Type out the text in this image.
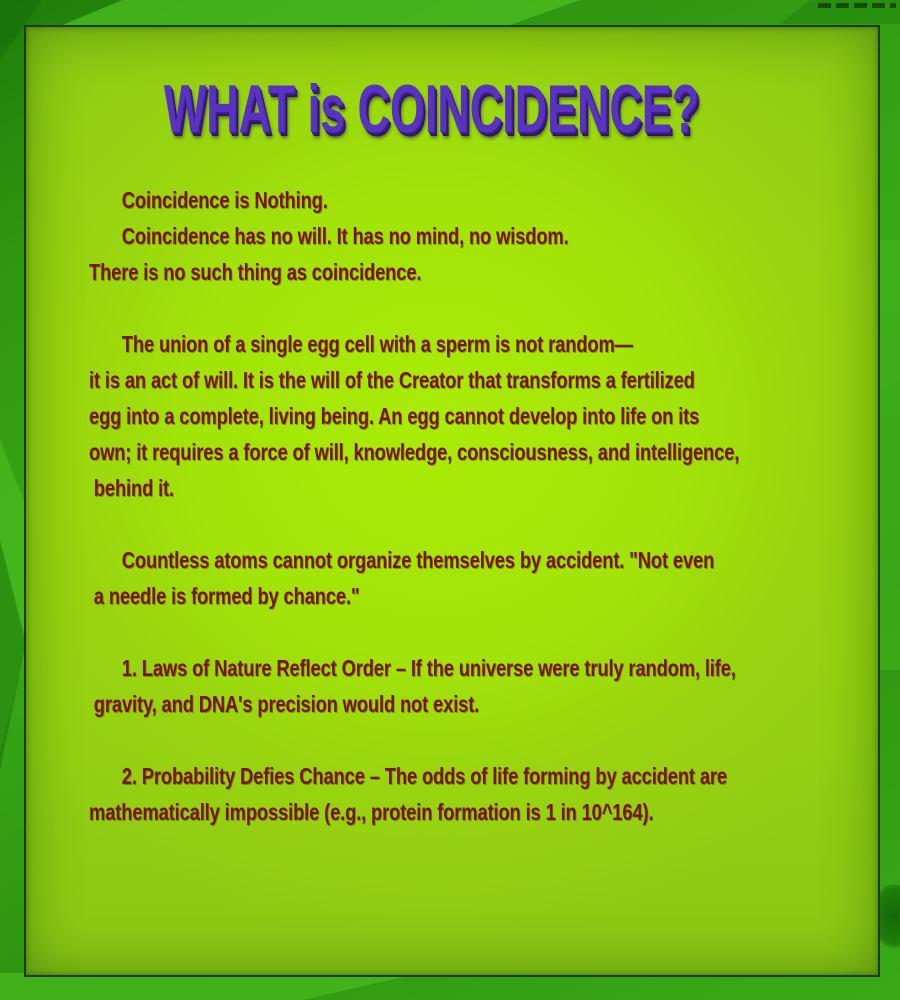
WHAT is COINCIDENCE?
Coincidence is Nothing.
Coincidence has no will. It has no mind, no wisdom.
There is no such thing as coincidence.
The union of a single egg cell with a sperm is not random—
it is an act of will. It is the will of the Creator that transforms a fertilized
egg into a complete, living being. An egg cannot develop into life on its
own; it requires a force of will, knowledge, consciousness, and intelligence,
behind it.
Countless atoms cannot organize themselves by accident. "Not even
a needle is formed by chance."
1. Laws of Nature Reflect Order – If the universe were truly random, life,
gravity, and DNA's precision would not exist.
2. Probability Defies Chance – The odds of life forming by accident are
mathematically impossible (e.g., protein formation is 1 in 10^164).
